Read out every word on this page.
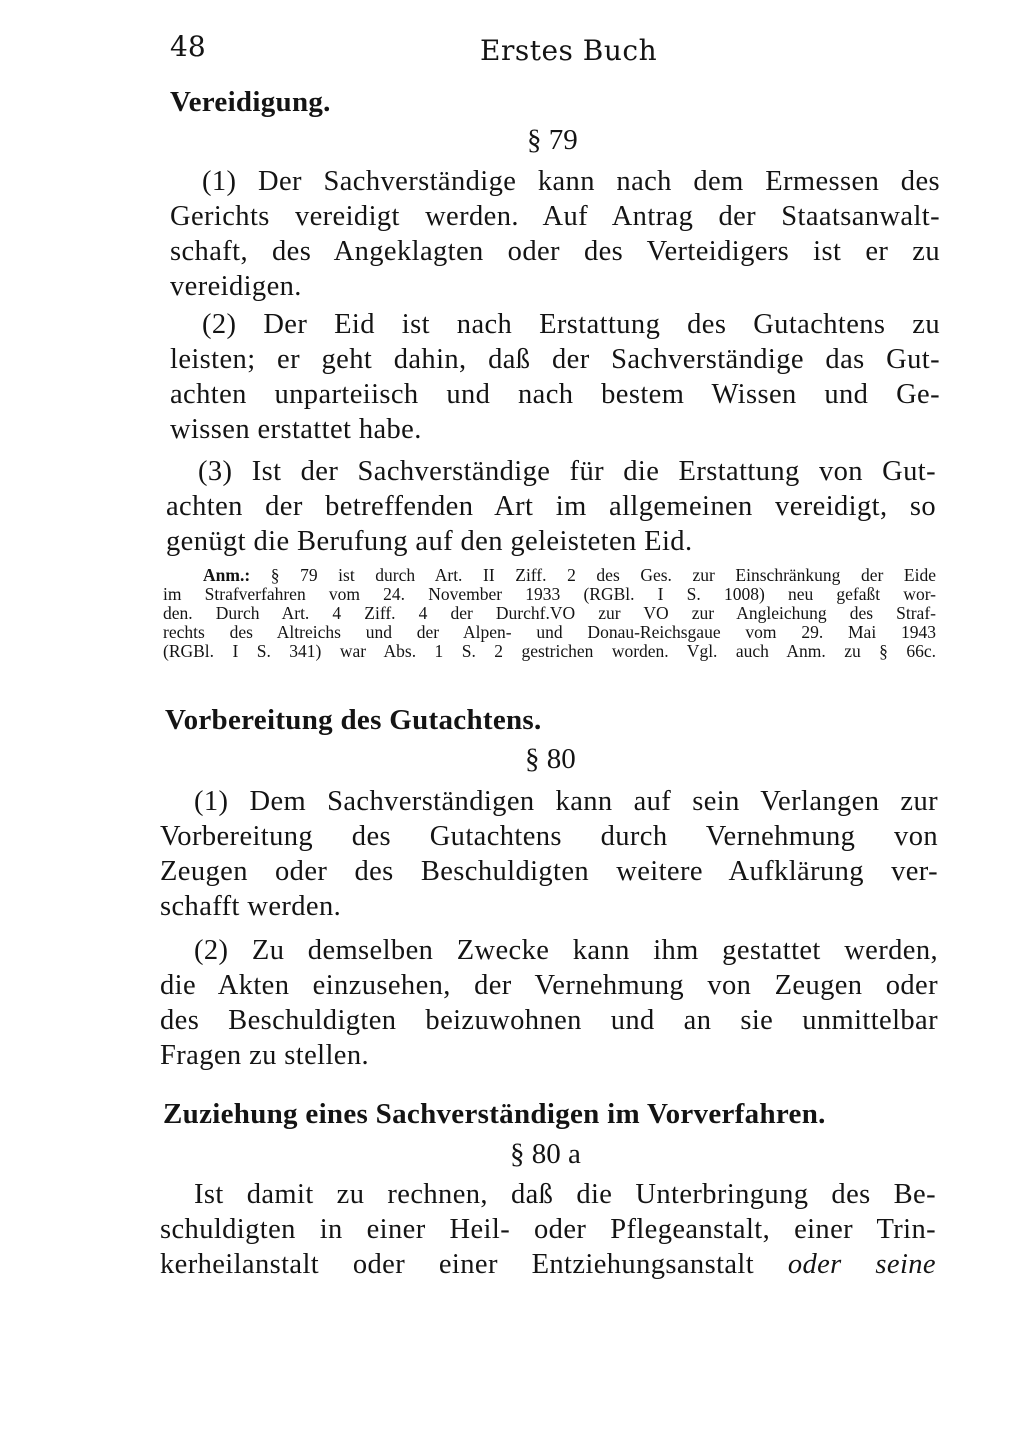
48	Erstes Buch
Vereidigung.
§ 79
(1) Der Sachverständige kann nach dem Ermessen des
Gerichts vereidigt werden. Auf Antrag der Staatsanwalt-
schaft, des Angeklagten oder des Verteidigers ist er zu
vereidigen.
(2) Der Eid ist nach Erstattung des Gutachtens zu
leisten; er geht dahin, daß der Sachverständige das Gut-
achten unparteiisch und nach bestem Wissen und Ge-
wissen erstattet habe.
(3) Ist der Sachverständige für die Erstattung von Gut-
achten der betreffenden Art im allgemeinen vereidigt, so
genügt die Berufung auf den geleisteten Eid.
Anm.: § 79 ist durch Art. II Ziff. 2 des Ges. zur Einschränkung der Eide
im Strafverfahren vom 24. November 1933 (RGBl. I S. 1008) neu gefaßt wor-
den. Durch Art. 4 Ziff. 4 der Durchf.VO zur VO zur Angleichung des Straf-
rechts des Altreichs und der Alpen- und Donau-Reichsgaue vom 29. Mai 1943
(RGBl. I S. 341) war Abs. 1 S. 2 gestrichen worden. Vgl. auch Anm. zu § 66c.
Vorbereitung des Gutachtens.
§ 80
(1) Dem Sachverständigen kann auf sein Verlangen zur
Vorbereitung des Gutachtens durch Vernehmung von
Zeugen oder des Beschuldigten weitere Aufklärung ver-
schafft werden.
(2) Zu demselben Zwecke kann ihm gestattet werden,
die Akten einzusehen, der Vernehmung von Zeugen oder
des Beschuldigten beizuwohnen und an sie unmittelbar
Fragen zu stellen.
Zuziehung eines Sachverständigen im Vorverfahren.
§ 80 a
Ist damit zu rechnen, daß die Unterbringung des Be-
schuldigten in einer Heil- oder Pflegeanstalt, einer Trin-
kerheilanstalt oder einer Entziehungsanstalt oder seine
